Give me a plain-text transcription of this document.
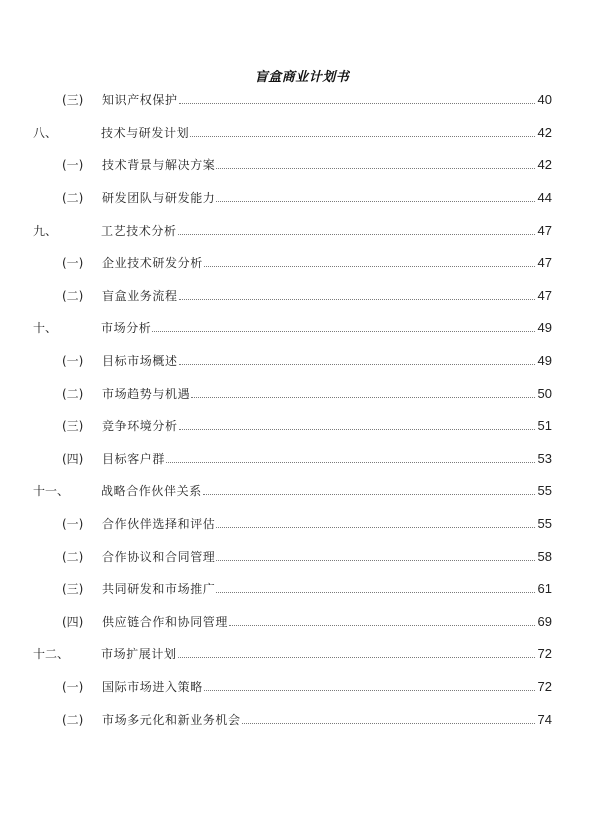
盲盒商业计划书
(三)	知识产权保护	40
八、	技术与研发计划	42
(一)	技术背景与解决方案	42
(二)	研发团队与研发能力	44
九、	工艺技术分析	47
(一)	企业技术研发分析	47
(二)	盲盒业务流程	47
十、	市场分析	49
(一)	目标市场概述	49
(二)	市场趋势与机遇	50
(三)	竞争环境分析	51
(四)	目标客户群	53
十一、	战略合作伙伴关系	55
(一)	合作伙伴选择和评估	55
(二)	合作协议和合同管理	58
(三)	共同研发和市场推广	61
(四)	供应链合作和协同管理	69
十二、	市场扩展计划	72
(一)	国际市场进入策略	72
(二)	市场多元化和新业务机会	74
